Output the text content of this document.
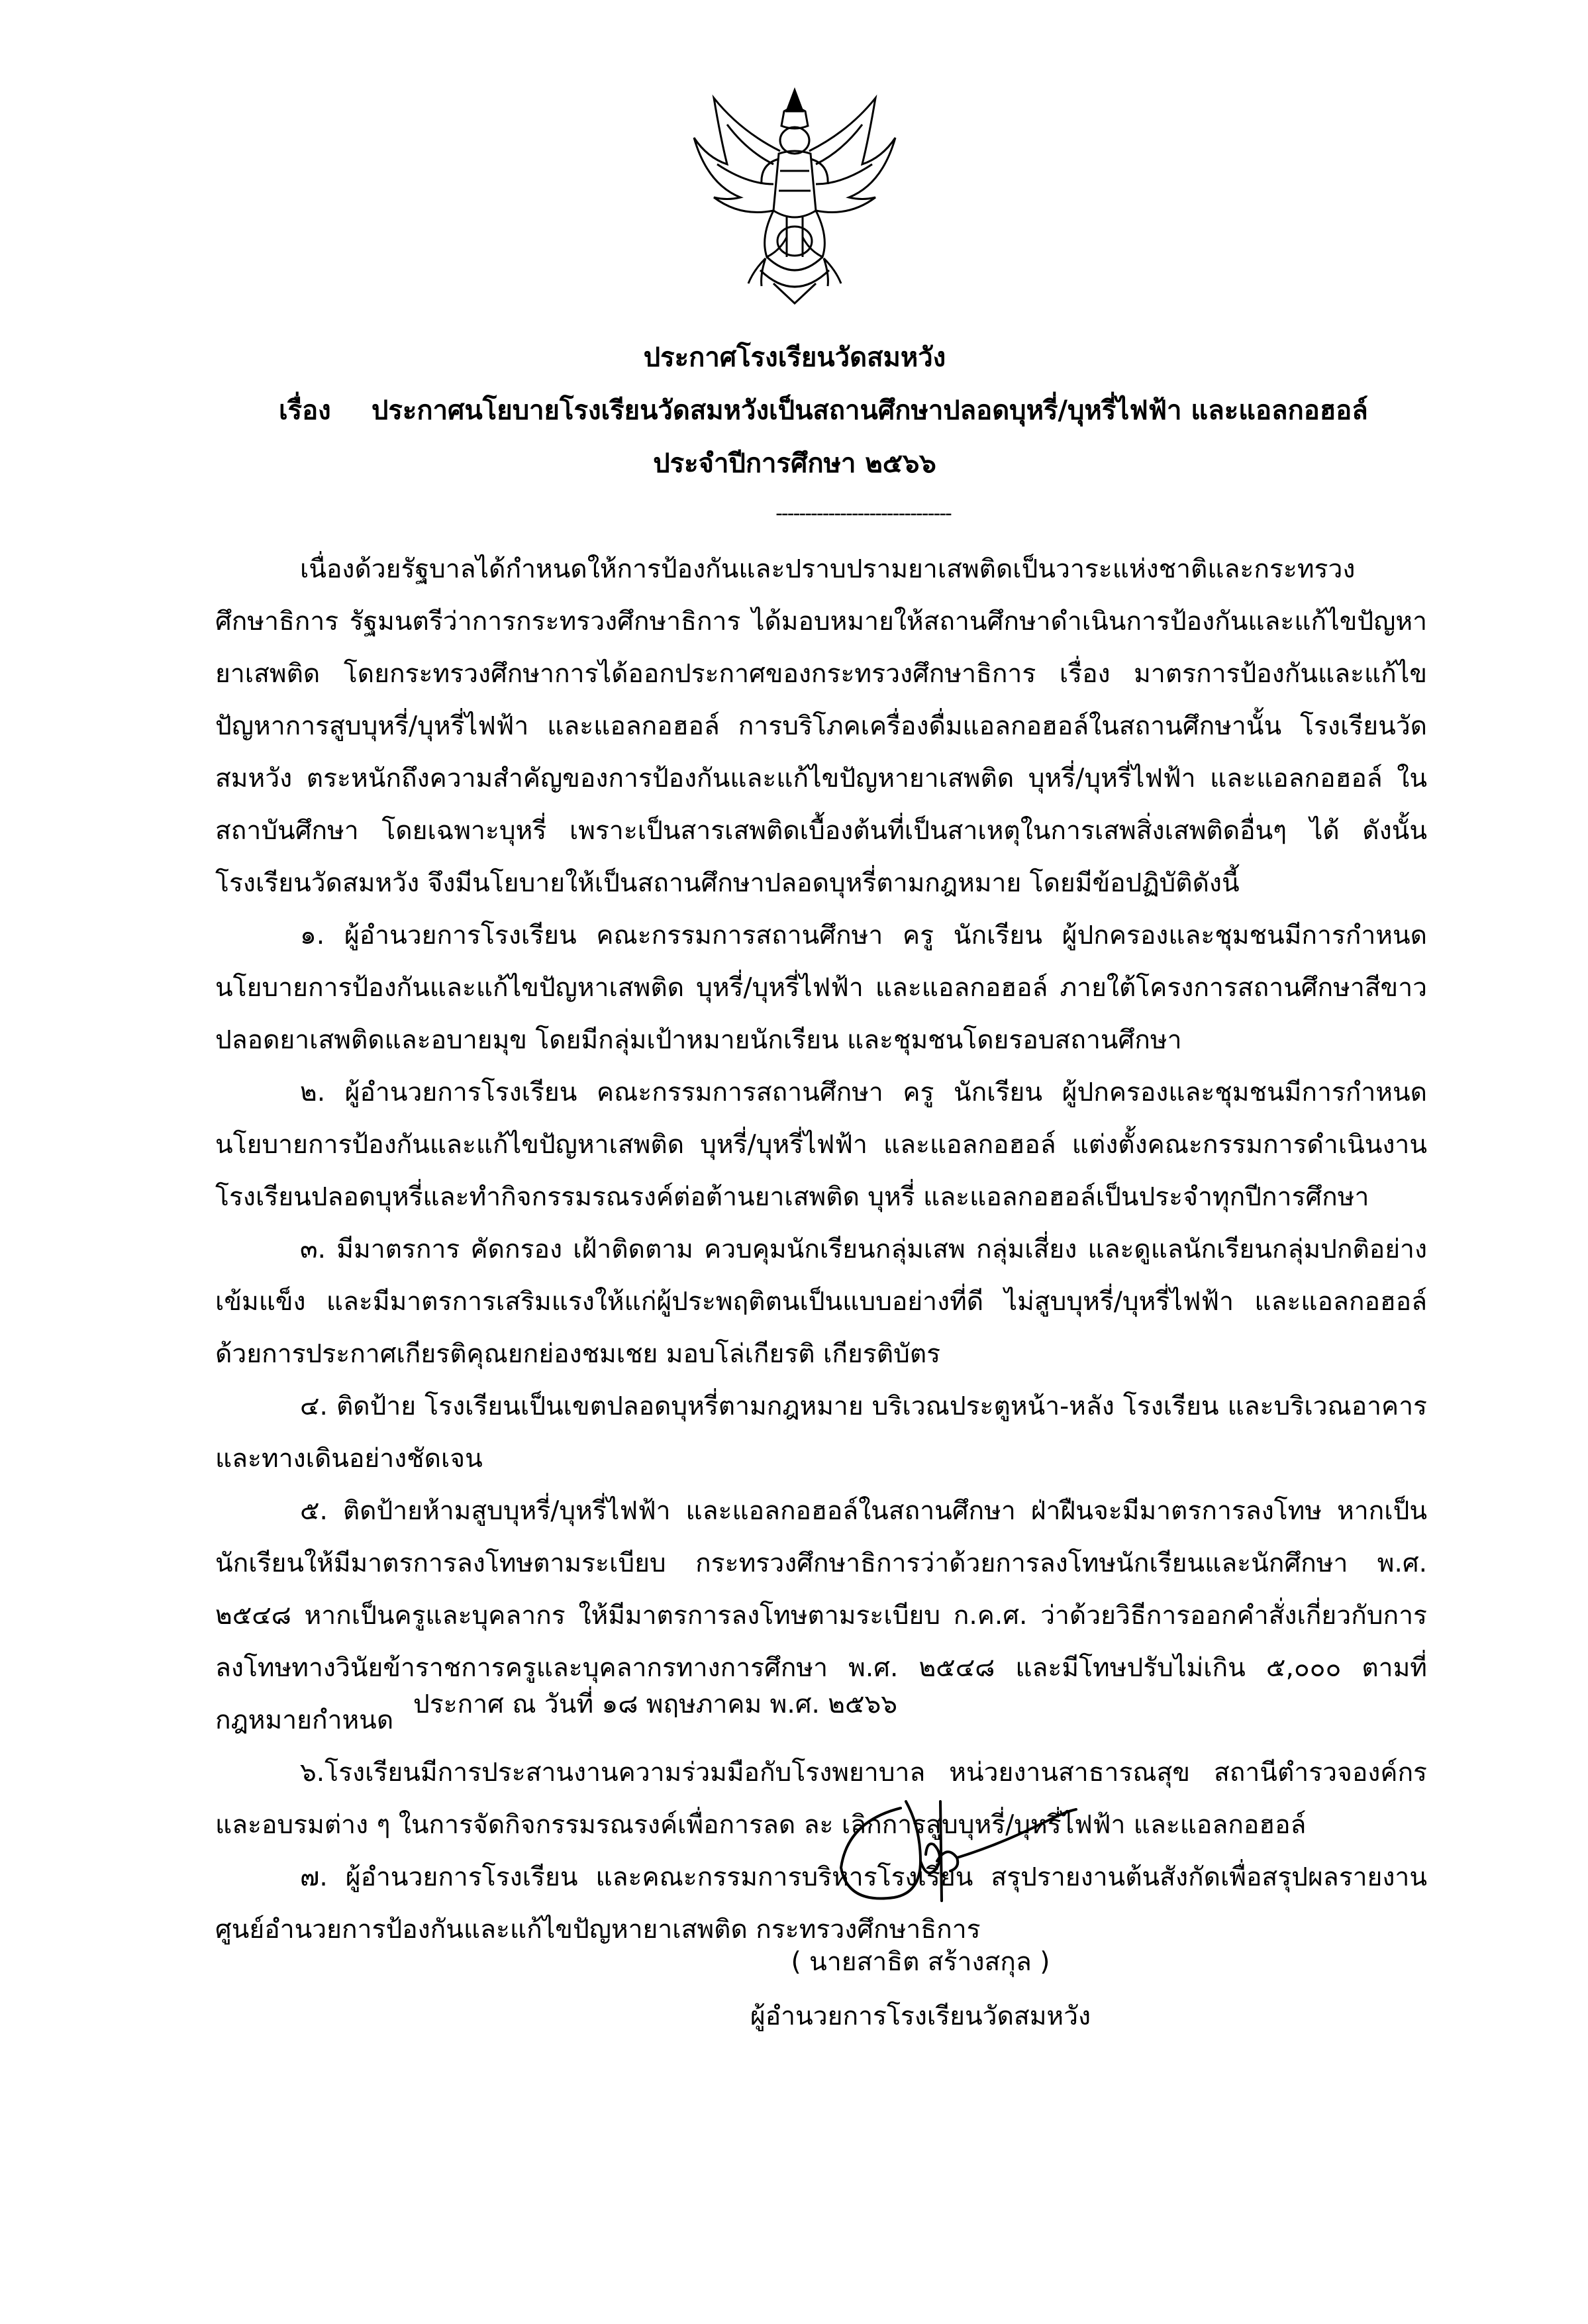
ประกาศโรงเรียนวัดสมหวัง
เรื่อง ประกาศนโยบายโรงเรียนวัดสมหวังเป็นสถานศึกษาปลอดบุหรี่/บุหรี่ไฟฟ้า และแอลกอฮอล์
ประจำปีการศึกษา ๒๕๖๖
------------------------------

เนื่องด้วยรัฐบาลได้กำหนดให้การป้องกันและปราบปรามยาเสพติดเป็นวาระแห่งชาติและกระทรวงศึกษาธิการ รัฐมนตรีว่าการกระทรวงศึกษาธิการ ได้มอบหมายให้สถานศึกษาดำเนินการป้องกันและแก้ไขปัญหายาเสพติด โดยกระทรวงศึกษาการได้ออกประกาศของกระทรวงศึกษาธิการ เรื่อง มาตรการป้องกันและแก้ไขปัญหาการสูบบุหรี่/บุหรี่ไฟฟ้า และแอลกอฮอล์ การบริโภคเครื่องดื่มแอลกอฮอล์ในสถานศึกษานั้น โรงเรียนวัดสมหวัง ตระหนักถึงความสำคัญของการป้องกันและแก้ไขปัญหายาเสพติด บุหรี่/บุหรี่ไฟฟ้า และแอลกอฮอล์ ในสถาบันศึกษา โดยเฉพาะบุหรี่ เพราะเป็นสารเสพติดเบื้องต้นที่เป็นสาเหตุในการเสพสิ่งเสพติดอื่นๆ ได้ ดังนั้น โรงเรียนวัดสมหวัง จึงมีนโยบายให้เป็นสถานศึกษาปลอดบุหรี่ตามกฎหมาย โดยมีข้อปฏิบัติดังนี้

๑. ผู้อำนวยการโรงเรียน คณะกรรมการสถานศึกษา ครู นักเรียน ผู้ปกครองและชุมชนมีการกำหนดนโยบายการป้องกันและแก้ไขปัญหาเสพติด บุหรี่/บุหรี่ไฟฟ้า และแอลกอฮอล์ ภายใต้โครงการสถานศึกษาสีขาวปลอดยาเสพติดและอบายมุข โดยมีกลุ่มเป้าหมายนักเรียน และชุมชนโดยรอบสถานศึกษา

๒. ผู้อำนวยการโรงเรียน คณะกรรมการสถานศึกษา ครู นักเรียน ผู้ปกครองและชุมชนมีการกำหนดนโยบายการป้องกันและแก้ไขปัญหาเสพติด บุหรี่/บุหรี่ไฟฟ้า และแอลกอฮอล์ แต่งตั้งคณะกรรมการดำเนินงานโรงเรียนปลอดบุหรี่และทำกิจกรรมรณรงค์ต่อต้านยาเสพติด บุหรี่ และแอลกอฮอล์เป็นประจำทุกปีการศึกษา

๓. มีมาตรการ คัดกรอง เฝ้าติดตาม ควบคุมนักเรียนกลุ่มเสพ กลุ่มเสี่ยง และดูแลนักเรียนกลุ่มปกติอย่างเข้มแข็ง และมีมาตรการเสริมแรงให้แก่ผู้ประพฤติตนเป็นแบบอย่างที่ดี ไม่สูบบุหรี่/บุหรี่ไฟฟ้า และแอลกอฮอล์ด้วยการประกาศเกียรติคุณยกย่องชมเชย มอบโล่เกียรติ เกียรติบัตร

๔. ติดป้าย โรงเรียนเป็นเขตปลอดบุหรี่ตามกฎหมาย บริเวณประตูหน้า-หลัง โรงเรียน และบริเวณอาคารและทางเดินอย่างชัดเจน

๕. ติดป้ายห้ามสูบบุหรี่/บุหรี่ไฟฟ้า และแอลกอฮอล์ในสถานศึกษา ฝ่าฝืนจะมีมาตรการลงโทษ หากเป็นนักเรียนให้มีมาตรการลงโทษตามระเบียบ กระทรวงศึกษาธิการว่าด้วยการลงโทษนักเรียนและนักศึกษา พ.ศ. ๒๕๔๘ หากเป็นครูและบุคลากร ให้มีมาตรการลงโทษตามระเบียบ ก.ค.ศ. ว่าด้วยวิธีการออกคำสั่งเกี่ยวกับการลงโทษทางวินัยข้าราชการครูและบุคลากรทางการศึกษา พ.ศ. ๒๕๔๘ และมีโทษปรับไม่เกิน ๕,๐๐๐ ตามที่กฎหมายกำหนด

๖.โรงเรียนมีการประสานงานความร่วมมือกับโรงพยาบาล หน่วยงานสาธารณสุข สถานีตำรวจองค์กรและอบรมต่าง ๆ ในการจัดกิจกรรมรณรงค์เพื่อการลด ละ เลิกการสูบบุหรี่/บุหรี่ไฟฟ้า และแอลกอฮอล์

๗. ผู้อำนวยการโรงเรียน และคณะกรรมการบริหารโรงเรียน สรุปรายงานต้นสังกัดเพื่อสรุปผลรายงานศูนย์อำนวยการป้องกันและแก้ไขปัญหายาเสพติด กระทรวงศึกษาธิการ

ประกาศ ณ วันที่ ๑๘ พฤษภาคม พ.ศ. ๒๕๖๖
( นายสาธิต สร้างสกุล )
ผู้อำนวยการโรงเรียนวัดสมหวัง
